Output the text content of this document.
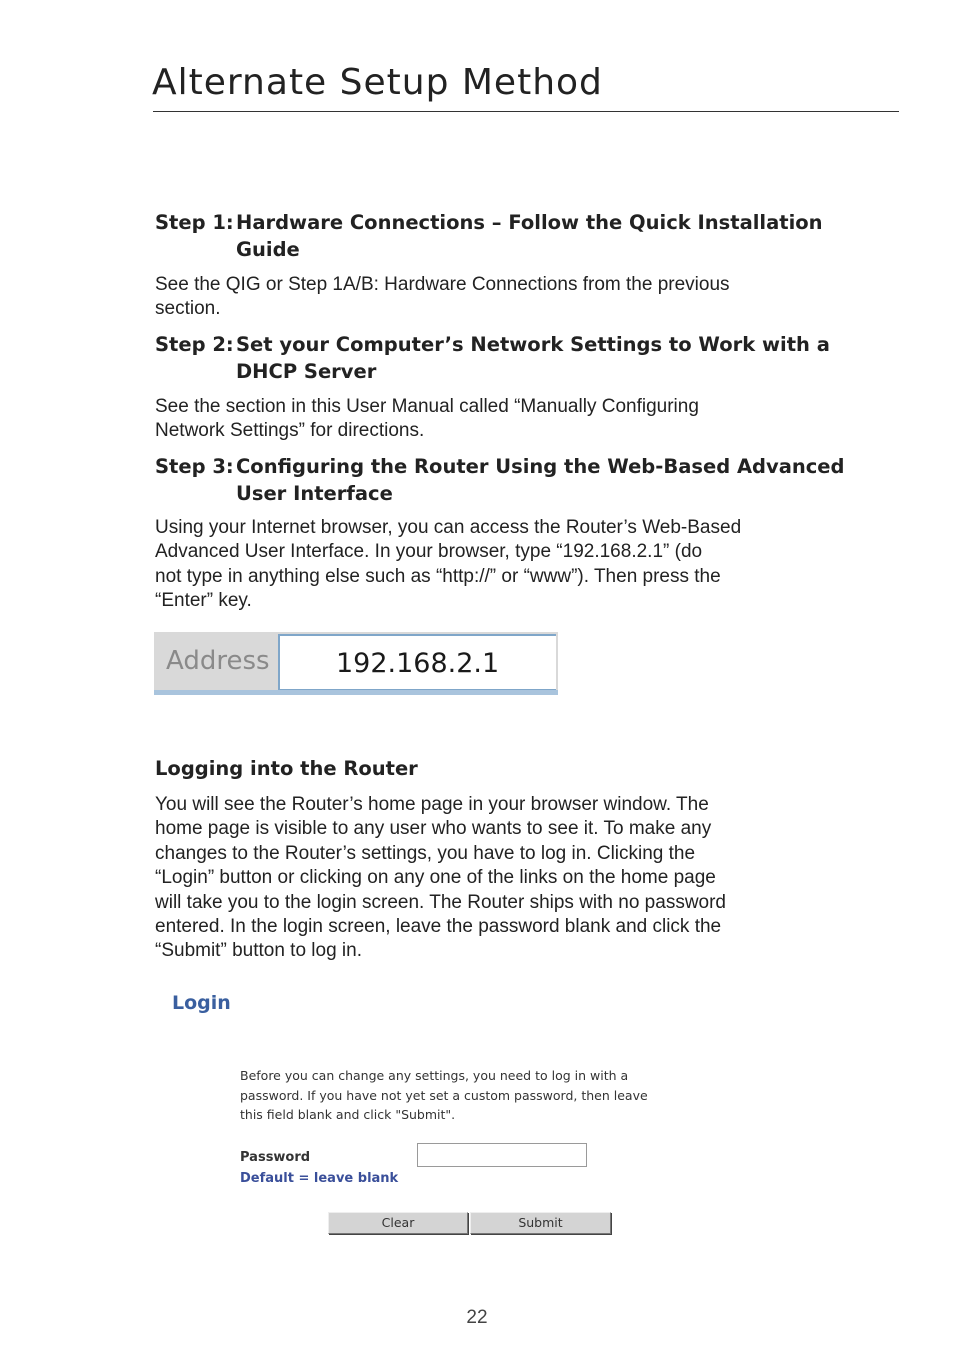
Alternate Setup Method
Step 1: Hardware Connections – Follow the Quick Installation
Guide
See the QIG or Step 1A/B: Hardware Connections from the previous
section.
Step 2: Set your Computer’s Network Settings to Work with a
DHCP Server
See the section in this User Manual called “Manually Configuring
Network Settings” for directions.
Step 3: Configuring the Router Using the Web-Based Advanced
User Interface
Using your Internet browser, you can access the Router’s Web-Based
Advanced User Interface. In your browser, type “192.168.2.1” (do
not type in anything else such as “http://” or “www”). Then press the
“Enter” key.
Address 192.168.2.1
Logging into the Router
You will see the Router’s home page in your browser window. The
home page is visible to any user who wants to see it. To make any
changes to the Router’s settings, you have to log in. Clicking the
“Login” button or clicking on any one of the links on the home page
will take you to the login screen. The Router ships with no password
entered. In the login screen, leave the password blank and click the
“Submit” button to log in.
Login
Before you can change any settings, you need to log in with a
password. If you have not yet set a custom password, then leave
this field blank and click "Submit".
Password
Default = leave blank
Clear	Submit
22
